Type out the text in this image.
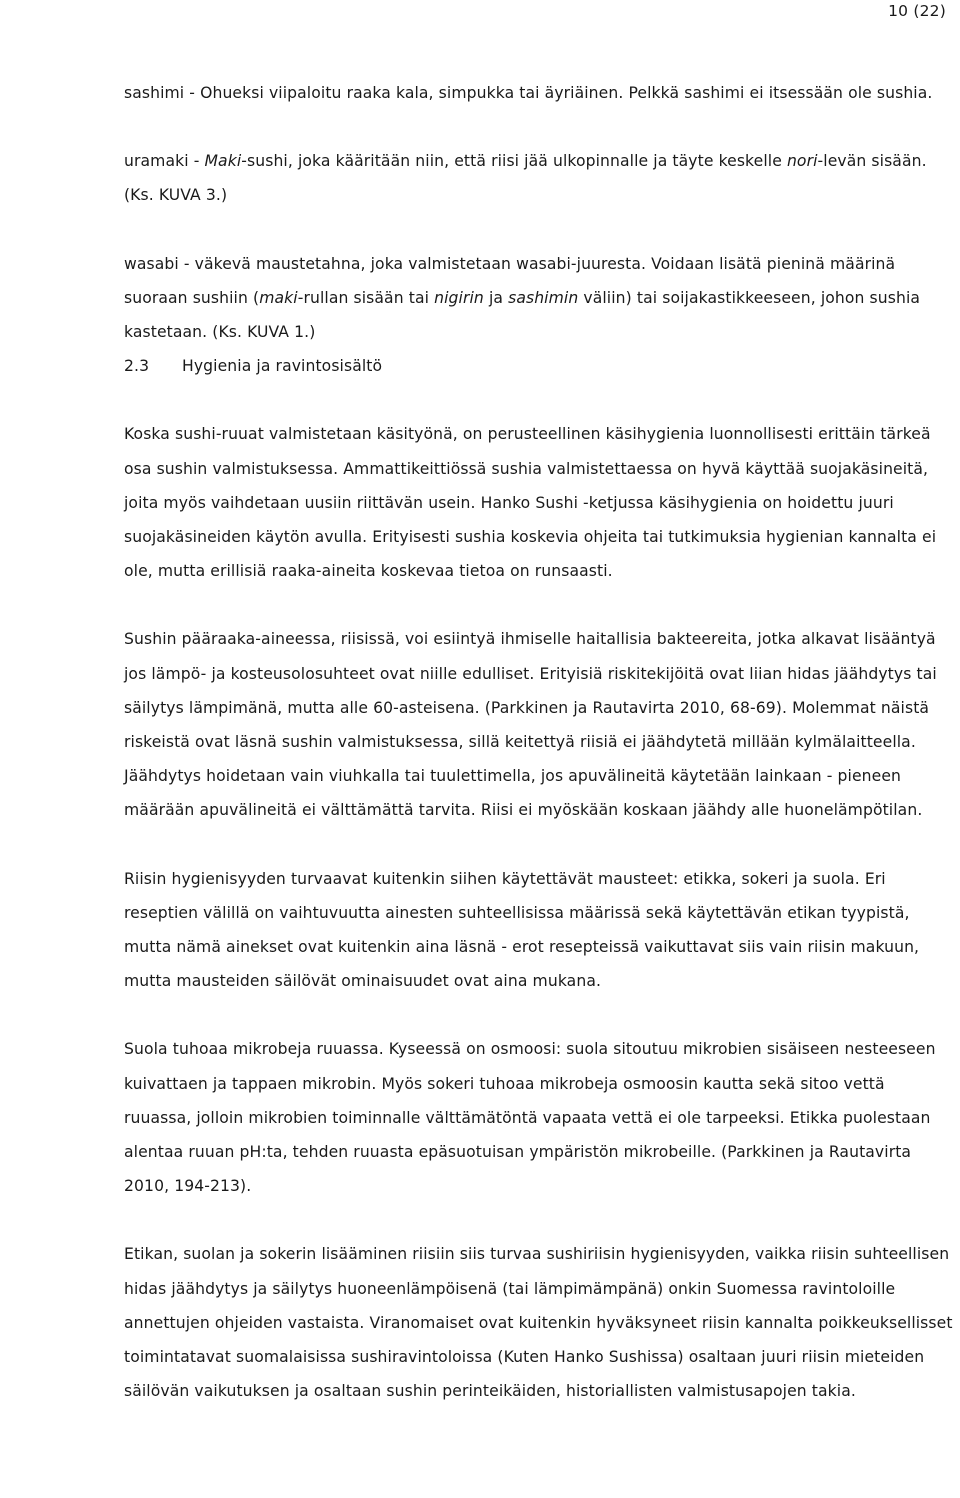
10 (22)

sashimi - Ohueksi viipaloitu raaka kala, simpukka tai äyriäinen. Pelkkä sashimi ei itsessään ole sushia.

uramaki - Maki-sushi, joka kääritään niin, että riisi jää ulkopinnalle ja täyte keskelle nori-levän sisään. (Ks. KUVA 3.)

wasabi - väkevä maustetahna, joka valmistetaan wasabi-juuresta. Voidaan lisätä pieninä määrinä suoraan sushiin (maki-rullan sisään tai nigirin ja sashimin väliin) tai soijakastikkeeseen, johon sushia kastetaan. (Ks. KUVA 1.)

2.3 Hygienia ja ravintosisältö

Koska sushi-ruuat valmistetaan käsityönä, on perusteellinen käsihygienia luonnollisesti erittäin tärkeä osa sushin valmistuksessa. Ammattikeittiössä sushia valmistettaessa on hyvä käyttää suojakäsineitä, joita myös vaihdetaan uusiin riittävän usein. Hanko Sushi -ketjussa käsihygienia on hoidettu juuri suojakäsineiden käytön avulla. Erityisesti sushia koskevia ohjeita tai tutkimuksia hygienian kannalta ei ole, mutta erillisiä raaka-aineita koskevaa tietoa on runsaasti.

Sushin pääraaka-aineessa, riisissä, voi esiintyä ihmiselle haitallisia bakteereita, jotka alkavat lisääntyä jos lämpö- ja kosteusolosuhteet ovat niille edulliset. Erityisiä riskitekijöitä ovat liian hidas jäähdytys tai säilytys lämpimänä, mutta alle 60-asteisena. (Parkkinen ja Rautavirta 2010, 68-69). Molemmat näistä riskeistä ovat läsnä sushin valmistuksessa, sillä keitettyä riisiä ei jäähdytetä millään kylmälaitteella. Jäähdytys hoidetaan vain viuhkalla tai tuulettimella, jos apuvälineitä käytetään lainkaan - pieneen määrään apuvälineitä ei välttämättä tarvita. Riisi ei myöskään koskaan jäähdy alle huonelämpötilan.

Riisin hygienisyyden turvaavat kuitenkin siihen käytettävät mausteet: etikka, sokeri ja suola. Eri reseptien välillä on vaihtuvuutta ainesten suhteellisissa määrissä sekä käytettävän etikan tyypistä, mutta nämä ainekset ovat kuitenkin aina läsnä - erot resepteissä vaikuttavat siis vain riisin makuun, mutta mausteiden säilövät ominaisuudet ovat aina mukana.

Suola tuhoaa mikrobeja ruuassa. Kyseessä on osmoosi: suola sitoutuu mikrobien sisäiseen nesteeseen kuivattaen ja tappaen mikrobin. Myös sokeri tuhoaa mikrobeja osmoosin kautta sekä sitoo vettä ruuassa, jolloin mikrobien toiminnalle välttämätöntä vapaata vettä ei ole tarpeeksi. Etikka puolestaan alentaa ruuan pH:ta, tehden ruuasta epäsuotuisan ympäristön mikrobeille. (Parkkinen ja Rautavirta 2010, 194-213).

Etikan, suolan ja sokerin lisääminen riisiin siis turvaa sushiriisin hygienisyyden, vaikka riisin suhteellisen hidas jäähdytys ja säilytys huoneenlämpöisenä (tai lämpimämpänä) onkin Suomessa ravintoloille annettujen ohjeiden vastaista. Viranomaiset ovat kuitenkin hyväksyneet riisin kannalta poikkeuksellisset toimintatavat suomalaisissa sushiravintoloissa (Kuten Hanko Sushissa) osaltaan juuri riisin mieteiden säilövän vaikutuksen ja osaltaan sushin perinteikäiden, historiallisten valmistusapojen takia.
